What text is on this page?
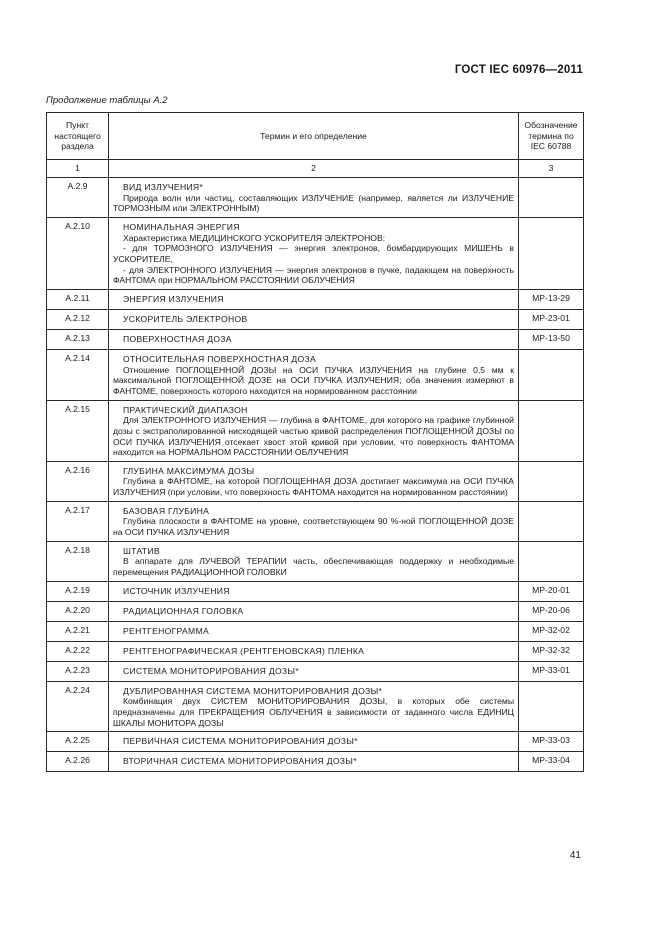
ГОСТ IEC 60976—2011
Продолжение таблицы А.2
Пункт настоящего раздела	Термин и его определение	Обозначение термина по IEC 60788
1	2	3
А.2.9	ВИД ИЗЛУЧЕНИЯ*
Природа волн или частиц, составляющих ИЗЛУЧЕНИЕ (например, является ли ИЗЛУЧЕНИЕ ТОРМОЗНЫМ или ЭЛЕКТРОННЫМ)	

А.2.10	НОМИНАЛЬНАЯ ЭНЕРГИЯ
Характеристика МЕДИЦИНСКОГО УСКОРИТЕЛЯ ЭЛЕКТРОНОВ:
- для ТОРМОЗНОГО ИЗЛУЧЕНИЯ — энергия электронов, бомбардирующих МИШЕНЬ в УСКОРИТЕЛЕ,
- для ЭЛЕКТРОННОГО ИЗЛУЧЕНИЯ — энергия электронов в пучке, падающем на поверхность ФАНТОМА при НОРМАЛЬНОМ РАССТОЯНИИ ОБЛУЧЕНИЯ	

А.2.11	ЭНЕРГИЯ ИЗЛУЧЕНИЯ	МР-13-29
А.2.12	УСКОРИТЕЛЬ ЭЛЕКТРОНОВ	МР-23-01
А.2.13	ПОВЕРХНОСТНАЯ ДОЗА	МР-13-50
А.2.14	ОТНОСИТЕЛЬНАЯ ПОВЕРХНОСТНАЯ ДОЗА
Отношение ПОГЛОЩЕННОЙ ДОЗЫ на ОСИ ПУЧКА ИЗЛУЧЕНИЯ на глубине 0,5 мм к максимальной ПОГЛОЩЕННОЙ ДОЗЕ на ОСИ ПУЧКА ИЗЛУЧЕНИЯ; оба значения измеряют в ФАНТОМЕ, поверхность которого находится на нормированном расстоянии	

А.2.15	ПРАКТИЧЕСКИЙ ДИАПАЗОН
Для ЭЛЕКТРОННОГО ИЗЛУЧЕНИЯ — глубина в ФАНТОМЕ, для которого на графике глубинной дозы с экстраполированной нисходящей частью кривой распределения ПОГЛОЩЕННОЙ ДОЗЫ по ОСИ ПУЧКА ИЗЛУЧЕНИЯ отсекает хвост этой кривой при условии, что поверхность ФАНТОМА находится на НОРМАЛЬНОМ РАССТОЯНИИ ОБЛУЧЕНИЯ	

А.2.16	ГЛУБИНА МАКСИМУМА ДОЗЫ
Глубина в ФАНТОМЕ, на которой ПОГЛОЩЕННАЯ ДОЗА достигает максимума на ОСИ ПУЧКА ИЗЛУЧЕНИЯ (при условии, что поверхность ФАНТОМА находится на нормированном расстоянии)	

А.2.17	БАЗОВАЯ ГЛУБИНА
Глубина плоскости в ФАНТОМЕ на уровне, соответствующем 90 %-ной ПОГЛОЩЕННОЙ ДОЗЕ на ОСИ ПУЧКА ИЗЛУЧЕНИЯ	

А.2.18	ШТАТИВ
В аппарате для ЛУЧЕВОЙ ТЕРАПИИ часть, обеспечивающая поддержку и необходимые перемещения РАДИАЦИОННОЙ ГОЛОВКИ	

А.2.19	ИСТОЧНИК ИЗЛУЧЕНИЯ	МР-20-01
А.2.20	РАДИАЦИОННАЯ ГОЛОВКА	МР-20-06
А.2.21	РЕНТГЕНОГРАММА	МР-32-02
А.2.22	РЕНТГЕНОГРАФИЧЕСКАЯ (РЕНТГЕНОВСКАЯ) ПЛЕНКА	МР-32-32
А.2.23	СИСТЕМА МОНИТОРИРОВАНИЯ ДОЗЫ*	МР-33-01
А.2.24	ДУБЛИРОВАННАЯ СИСТЕМА МОНИТОРИРОВАНИЯ ДОЗЫ*
Комбинация двух СИСТЕМ МОНИТОРИРОВАНИЯ ДОЗЫ, в которых обе системы предназначены для ПРЕКРАЩЕНИЯ ОБЛУЧЕНИЯ в зависимости от заданного числа ЕДИНИЦ ШКАЛЫ МОНИТОРА ДОЗЫ	

А.2.25	ПЕРВИЧНАЯ СИСТЕМА МОНИТОРИРОВАНИЯ ДОЗЫ*	МР-33-03
А.2.26	ВТОРИЧНАЯ СИСТЕМА МОНИТОРИРОВАНИЯ ДОЗЫ*	МР-33-04
41
